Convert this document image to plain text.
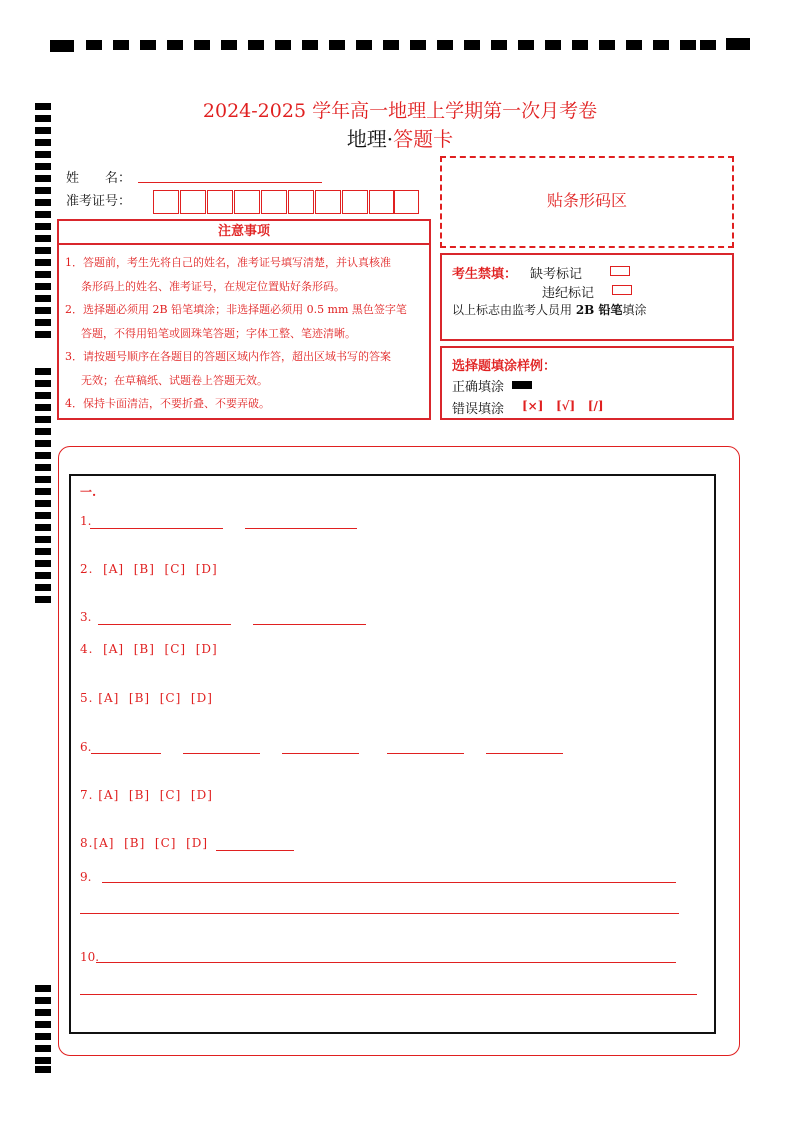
2024-2025 学年高一地理上学期第一次月考卷
地理·答题卡
姓　　名：
准考证号：	贴条形码区
注意事项

1．答题前，考生先将自己的姓名，准考证号填写清楚，并认真核准

条形码上的姓名、准考证号，在规定位置贴好条形码。

2．选择题必须用 2B 铅笔填涂；非选择题必须用 0.5 mm 黑色签字笔

答题，不得用铅笔或圆珠笔答题；字体工整、笔迹清晰。

3．请按题号顺序在各题目的答题区域内作答，超出区域书写的答案

无效；在草稿纸、试题卷上答题无效。

4．保持卡面清洁，不要折叠、不要弄破。

考生禁填： 缺考标记
违纪标记
以上标志由监考人员用 2B 铅笔填涂
选择题填涂样例：
正确填涂
错误填涂 [×] [√] [/]
一.
1.
2.  [A]  [B]  [C]  [D]
3.
4.  [A]  [B]  [C]  [D]
5. [A]  [B]  [C]  [D]
6.
7. [A]  [B]  [C]  [D]
8.[A]  [B]  [C]  [D]
9.
10.
